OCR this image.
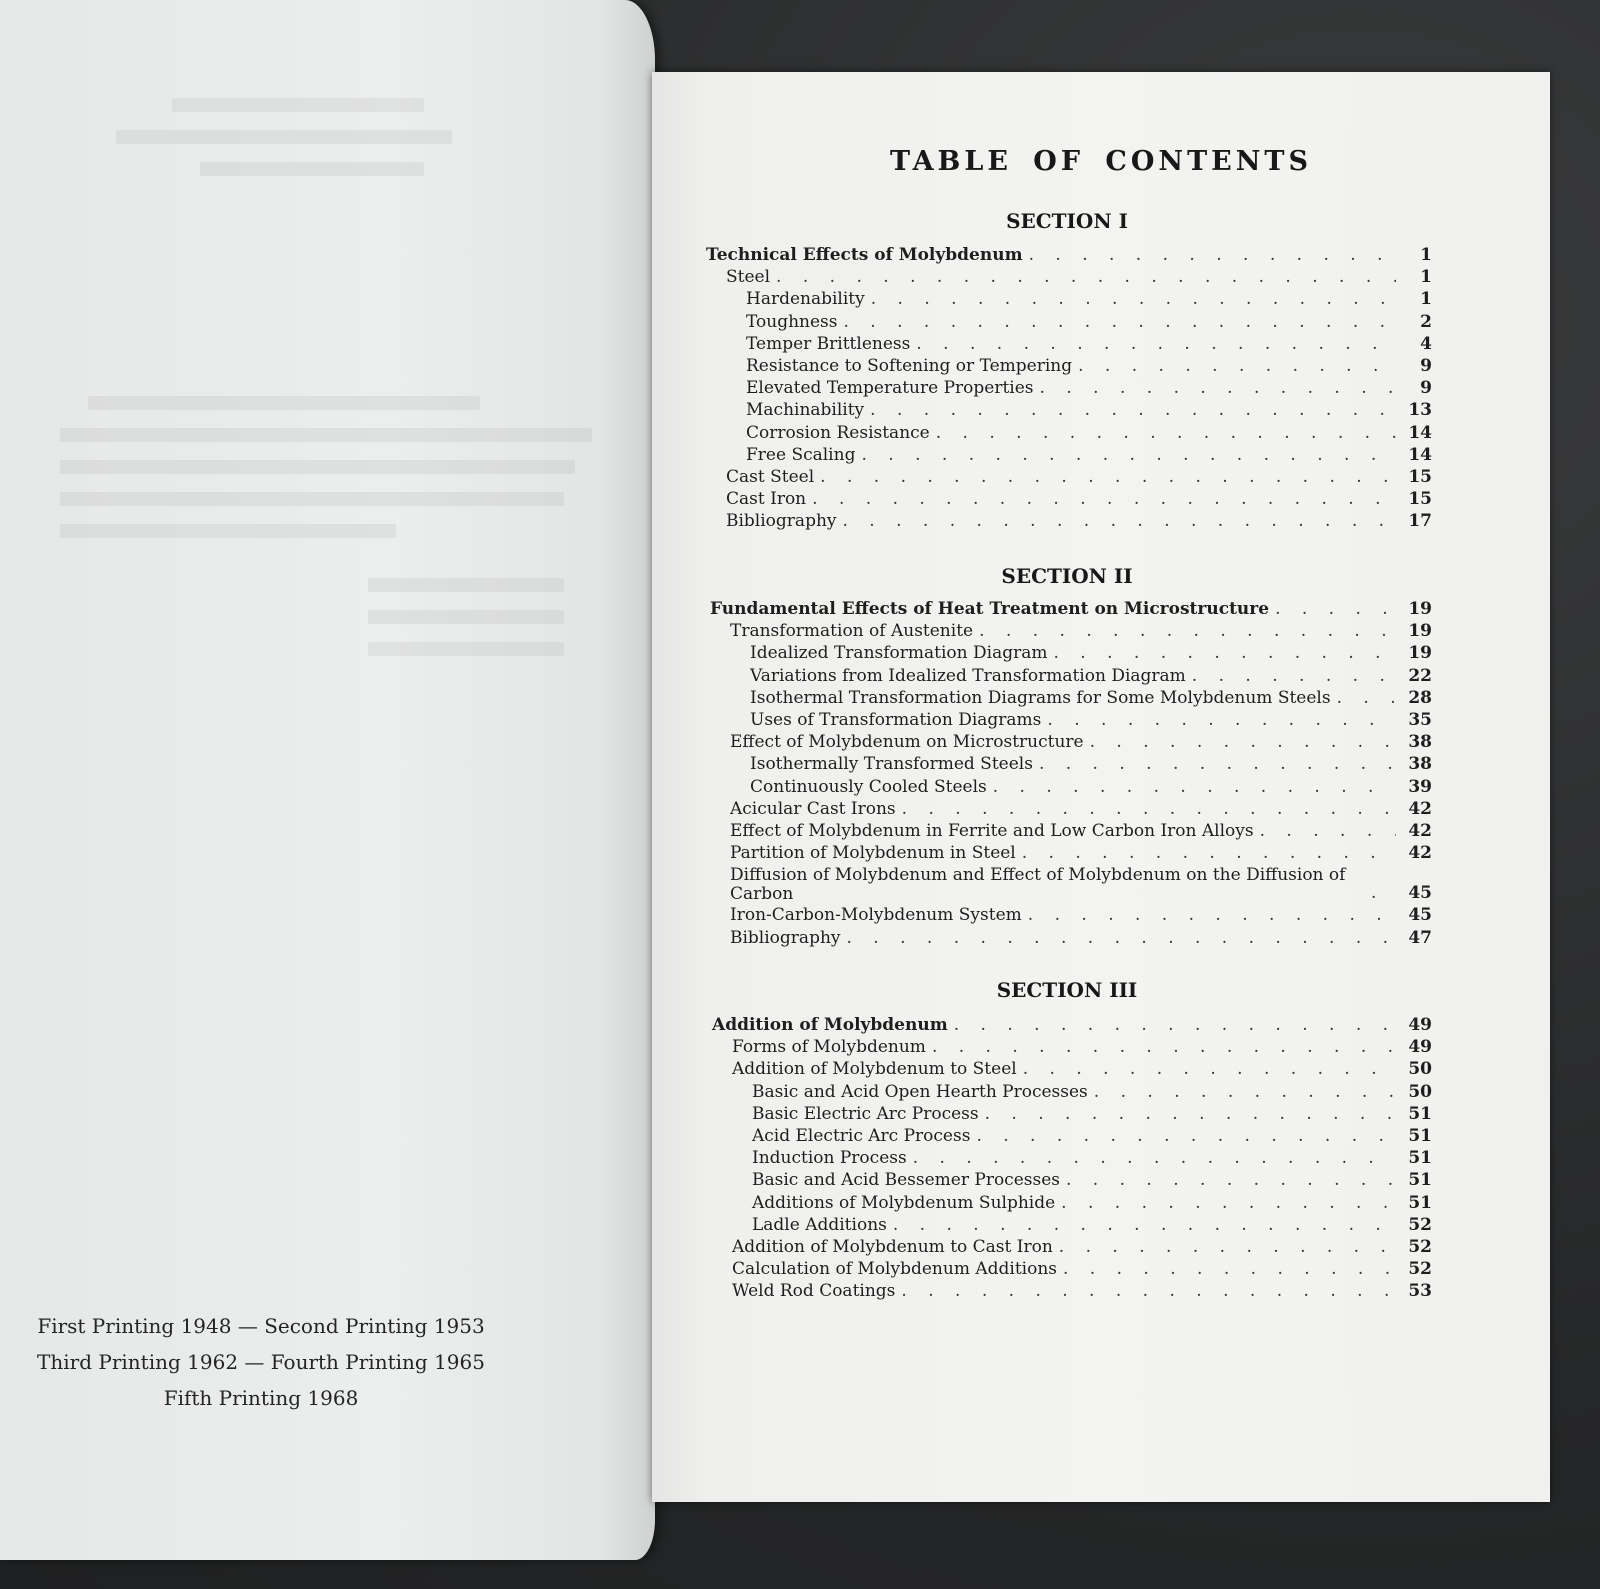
First Printing 1948 — Second Printing 1953
Third Printing 1962 — Fourth Printing 1965
Fifth Printing 1968
TABLE OF CONTENTS
SECTION I
SECTION II
SECTION III
Technical Effects of Molybdenum . . .	1
Steel . . .	1
Hardenability . . .	1
Toughness . . .	2
Temper Brittleness . . .	4
Resistance to Softening or Tempering . . .	9
Elevated Temperature Properties . . .	9
Machinability . . .	13
Corrosion Resistance . . .	14
Free Scaling . . .	14
Cast Steel . . .	15
Cast Iron . . .	15
Bibliography . . .	17
Fundamental Effects of Heat Treatment on Microstructure . . .	19
Transformation of Austenite . . .	19
Idealized Transformation Diagram . . .	19
Variations from Idealized Transformation Diagram . . .	22
Isothermal Transformation Diagrams for Some Molybdenum Steels . . .	28
Uses of Transformation Diagrams . . .	35
Effect of Molybdenum on Microstructure . . .	38
Isothermally Transformed Steels . . .	38
Continuously Cooled Steels . . .	39
Acicular Cast Irons . . .	42
Effect of Molybdenum in Ferrite and Low Carbon Iron Alloys . . .	42
Partition of Molybdenum in Steel . . .	42
Diffusion of Molybdenum and Effect of Molybdenum on the Diffusion of Carbon . . .	45
Iron-Carbon-Molybdenum System . . .	45
Bibliography . . .	47
Addition of Molybdenum . . .	49
Forms of Molybdenum . . .	49
Addition of Molybdenum to Steel . . .	50
Basic and Acid Open Hearth Processes . . .	50
Basic Electric Arc Process . . .	51
Acid Electric Arc Process . . .	51
Induction Process . . .	51
Basic and Acid Bessemer Processes . . .	51
Additions of Molybdenum Sulphide . . .	51
Ladle Additions . . .	52
Addition of Molybdenum to Cast Iron . . .	52
Calculation of Molybdenum Additions . . .	52
Weld Rod Coatings . . .	53
